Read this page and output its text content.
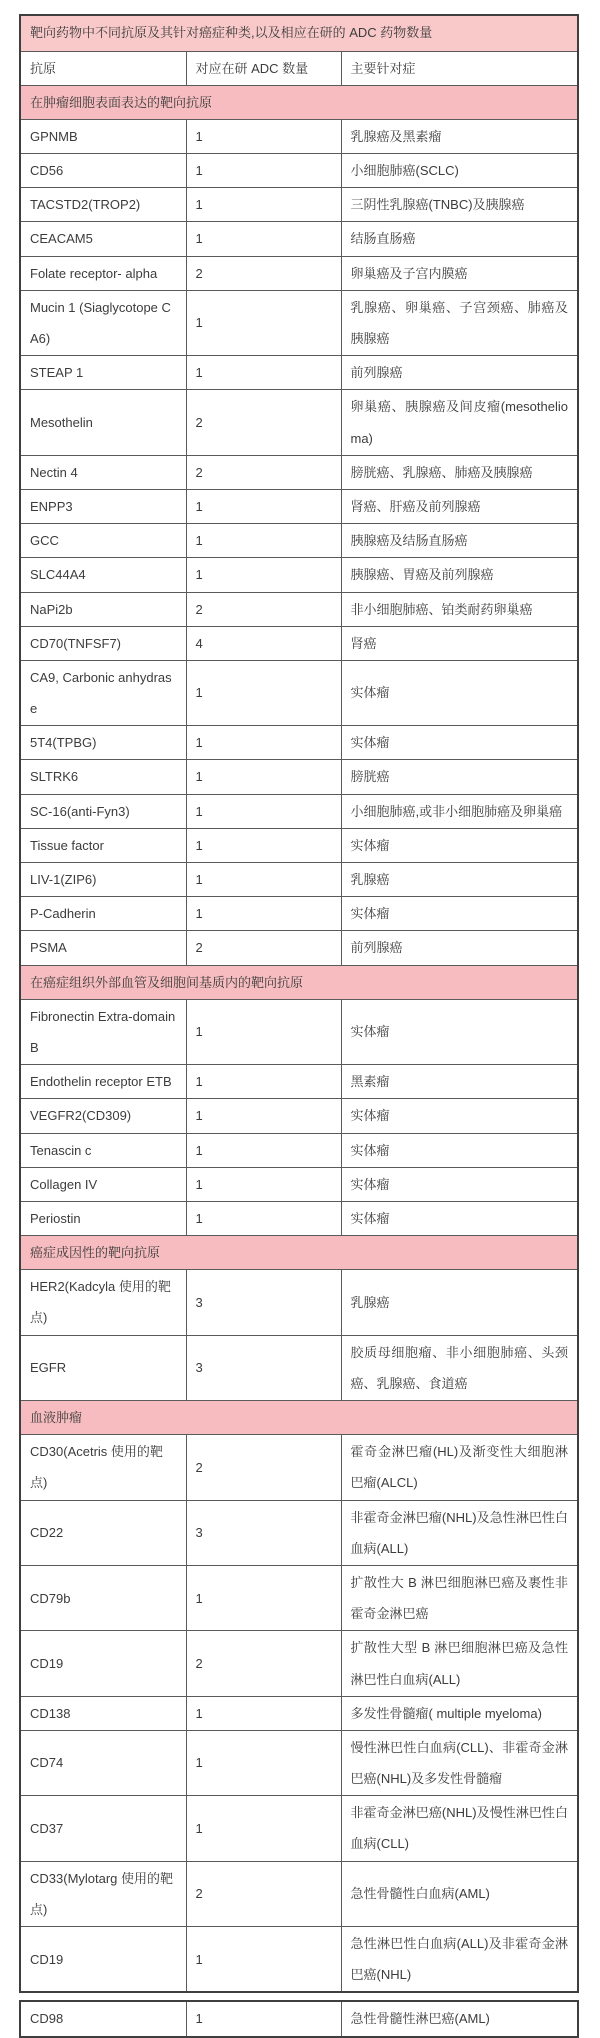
靶向药物中不同抗原及其针对癌症种类,以及相应在研的 ADC 药物数量		
抗原	对应在研 ADC 数量	主要针对症
在肿瘤细胞表面表达的靶向抗原		
GPNMB	1	乳腺癌及黑素瘤
CD56	1	小细胞肺癌(SCLC)
TACSTD2(TROP2)	1	三阴性乳腺癌(TNBC)及胰腺癌
CEACAM5	1	结肠直肠癌
Folate receptor- alpha	2	卵巢癌及子宫内膜癌
Mucin 1 (Siaglycotope CA6)	1	乳腺癌、卵巢癌、子宫颈癌、肺癌及胰腺癌
STEAP 1	1	前列腺癌
Mesothelin	2	卵巢癌、胰腺癌及间皮瘤(mesothelioma)
Nectin 4	2	膀胱癌、乳腺癌、肺癌及胰腺癌
ENPP3	1	肾癌、肝癌及前列腺癌
GCC	1	胰腺癌及结肠直肠癌
SLC44A4	1	胰腺癌、胃癌及前列腺癌
NaPi2b	2	非小细胞肺癌、铂类耐药卵巢癌
CD70(TNFSF7)	4	肾癌
CA9, Carbonic anhydrase	1	实体瘤
5T4(TPBG)	1	实体瘤
SLTRK6	1	膀胱癌
SC-16(anti-Fyn3)	1	小细胞肺癌,或非小细胞肺癌及卵巢癌
Tissue factor	1	实体瘤
LIV-1(ZIP6)	1	乳腺癌
P-Cadherin	1	实体瘤
PSMA	2	前列腺癌
在癌症组织外部血管及细胞间基质内的靶向抗原		
Fibronectin Extra-domain B	1	实体瘤
Endothelin receptor ETB	1	黑素瘤
VEGFR2(CD309)	1	实体瘤
Tenascin c	1	实体瘤
Collagen IV	1	实体瘤
Periostin	1	实体瘤
癌症成因性的靶向抗原		
HER2(Kadcyla 使用的靶点)	3	乳腺癌
EGFR	3	胶质母细胞瘤、非小细胞肺癌、头颈癌、乳腺癌、食道癌
血液肿瘤		
CD30(Acetris 使用的靶点)	2	霍奇金淋巴瘤(HL)及渐变性大细胞淋巴瘤(ALCL)
CD22	3	非霍奇金淋巴瘤(NHL)及急性淋巴性白血病(ALL)
CD79b	1	扩散性大 B 淋巴细胞淋巴癌及裹性非霍奇金淋巴癌
CD19	2	扩散性大型 B 淋巴细胞淋巴癌及急性淋巴性白血病(ALL)
CD138	1	多发性骨髓瘤( multiple myeloma)
CD74	1	慢性淋巴性白血病(CLL)、非霍奇金淋巴癌(NHL)及多发性骨髓瘤
CD37	1	非霍奇金淋巴癌(NHL)及慢性淋巴性白血病(CLL)
CD33(Mylotarg 使用的靶点)	2	急性骨髓性白血病(AML)
CD19	1	急性淋巴性白血病(ALL)及非霍奇金淋巴癌(NHL)
CD98	1	急性骨髓性淋巴癌(AML)
